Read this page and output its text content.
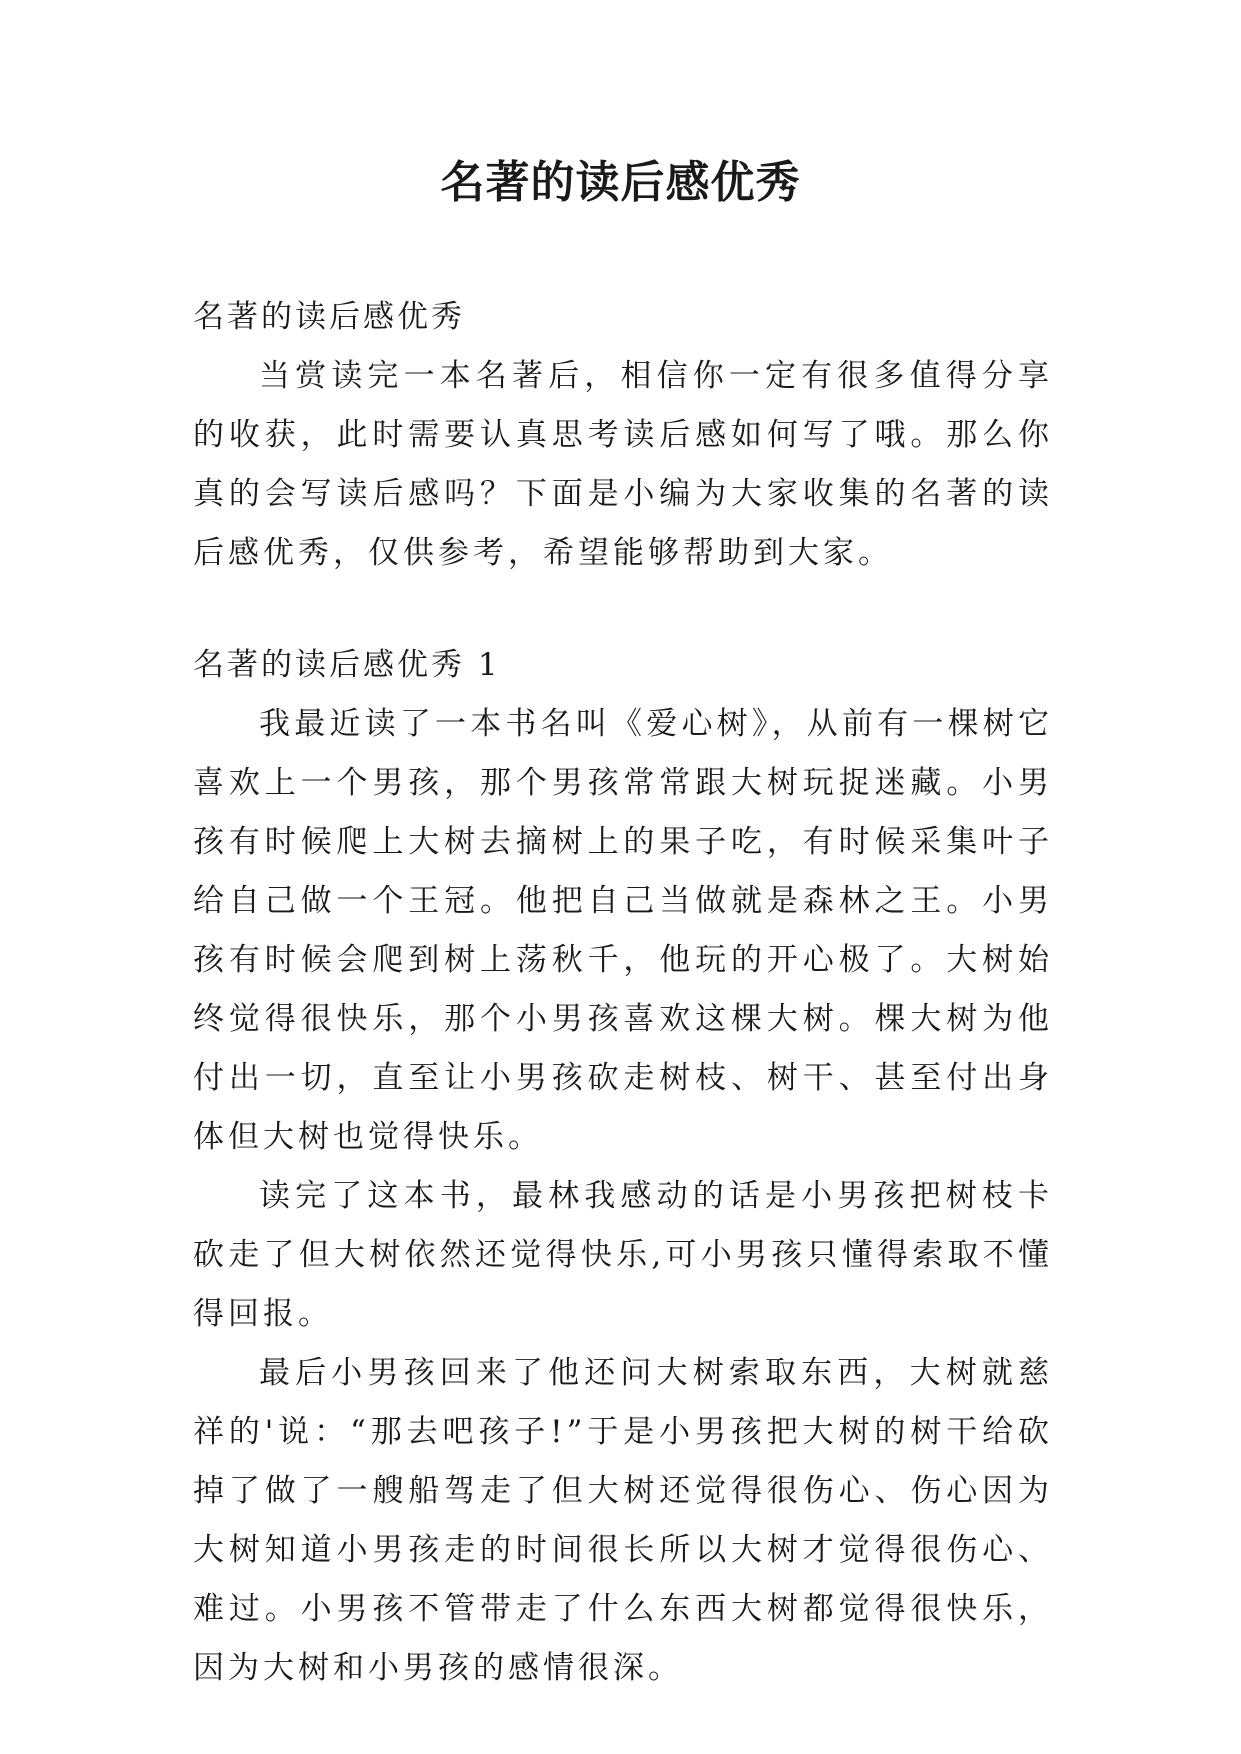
名著的读后感优秀

名著的读后感优秀

当赏读完一本名著后，相信你一定有很多值得分享的收获，此时需要认真思考读后感如何写了哦。那么你真的会写读后感吗？下面是小编为大家收集的名著的读后感优秀，仅供参考，希望能够帮助到大家。

名著的读后感优秀 1

我最近读了一本书名叫《爱心树》，从前有一棵树它喜欢上一个男孩，那个男孩常常跟大树玩捉迷藏。小男孩有时候爬上大树去摘树上的果子吃，有时候采集叶子给自己做一个王冠。他把自己当做就是森林之王。小男孩有时候会爬到树上荡秋千，他玩的开心极了。大树始终觉得很快乐，那个小男孩喜欢这棵大树。棵大树为他付出一切，直至让小男孩砍走树枝、树干、甚至付出身体但大树也觉得快乐。

读完了这本书，最林我感动的话是小男孩把树枝卡砍走了但大树依然还觉得快乐,可小男孩只懂得索取不懂得回报。

最后小男孩回来了他还问大树索取东西，大树就慈祥的'说：“那去吧孩子!”于是小男孩把大树的树干给砍掉了做了一艘船驾走了但大树还觉得很伤心、伤心因为大树知道小男孩走的时间很长所以大树才觉得很伤心、难过。小男孩不管带走了什么东西大树都觉得很快乐，因为大树和小男孩的感情很深。
